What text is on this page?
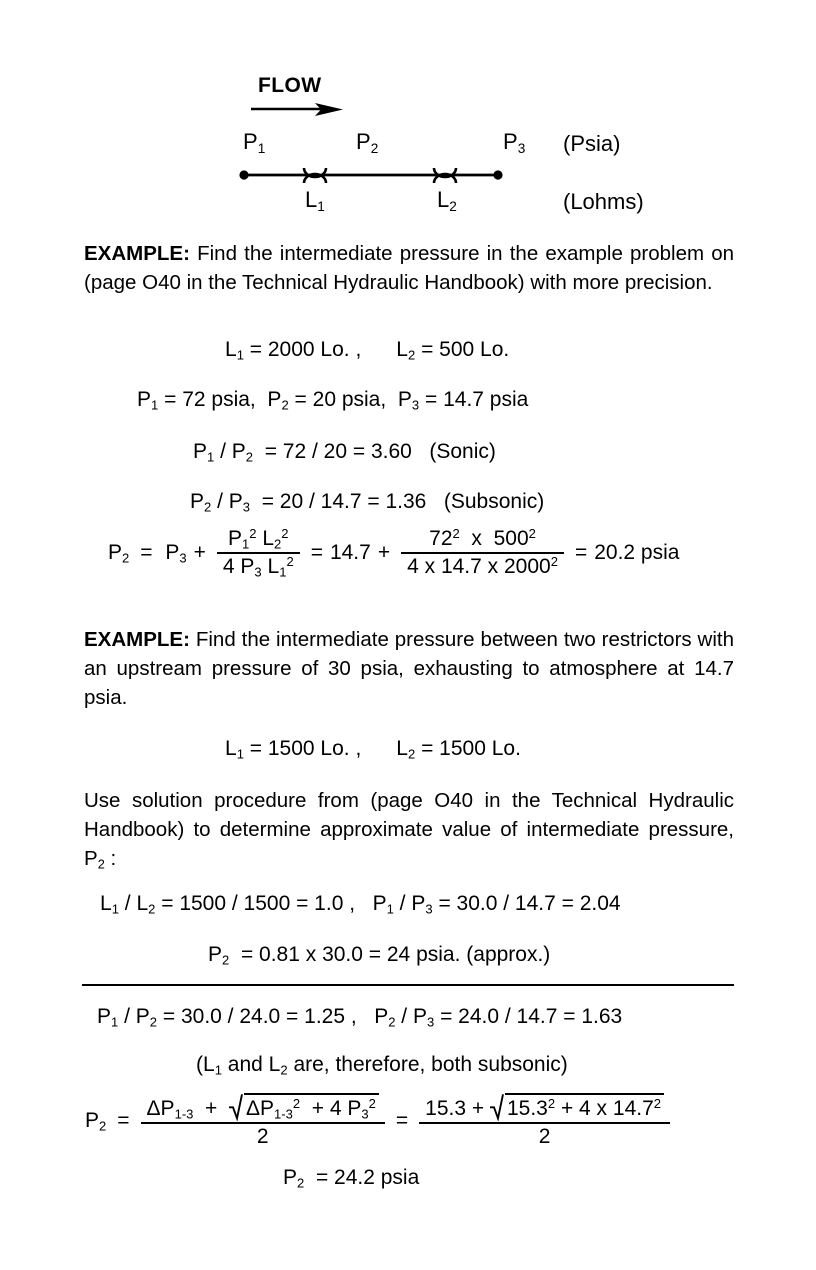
FLOW
$P_1$	$P_2$	$P_3$ (Psia)
$L_1$	$L_2$	(Lohms)
EXAMPLE: Find the intermediate pressure in the example problem on (page O40 in the Technical Hydraulic Handbook) with more precision.
$L_1 = 2000$ Lo. ,      $L_2 = 500$ Lo.
$P_1 = 72$ psia,  $P_2 = 20$ psia,  $P_3 = 14.7$ psia
$P_1 / P_2 = 72 / 20 = 3.60$ (Sonic)
$P_2 / P_3 = 20 / 14.7 = 1.36$ (Subsonic)
$P_2 = P_3 + \frac{P_1^2 L_2^2}{4 P_3 L_1^2} = 14.7 + \frac{72^2 x 500^2}{4 x 14.7 x 2000^2} = 20.2$ psia
EXAMPLE: Find the intermediate pressure between two restrictors with an upstream pressure of 30 psia, exhausting to atmosphere at 14.7 psia.
$L_1 = 1500$ Lo. ,      $L_2 = 1500$ Lo.
Use solution procedure from (page O40 in the Technical Hydraulic Handbook) to determine approximate value of intermediate pressure, $P_2$ :
$L_1 / L_2 = 1500 / 1500 = 1.0$ ,   $P_1 / P_3 = 30.0 / 14.7 = 2.04$
$P_2 = 0.81$ x 30.0 = 24 psia. (approx.)
$P_1 / P_2 = 30.0 / 24.0 = 1.25$ ,   $P_2 / P_3 = 24.0 / 14.7 = 1.63$
($L_1$ and $L_2$ are, therefore, both subsonic)
$P_2$ =
$\Delta P_{1-3}$  +
$\Delta P_{1-3}^2 + 4$ $P_3^2$
2
=
15.3 +
$15.3^2 + 4$ x 14.7$^2$
2
$P_2 = 24.2$ psia
